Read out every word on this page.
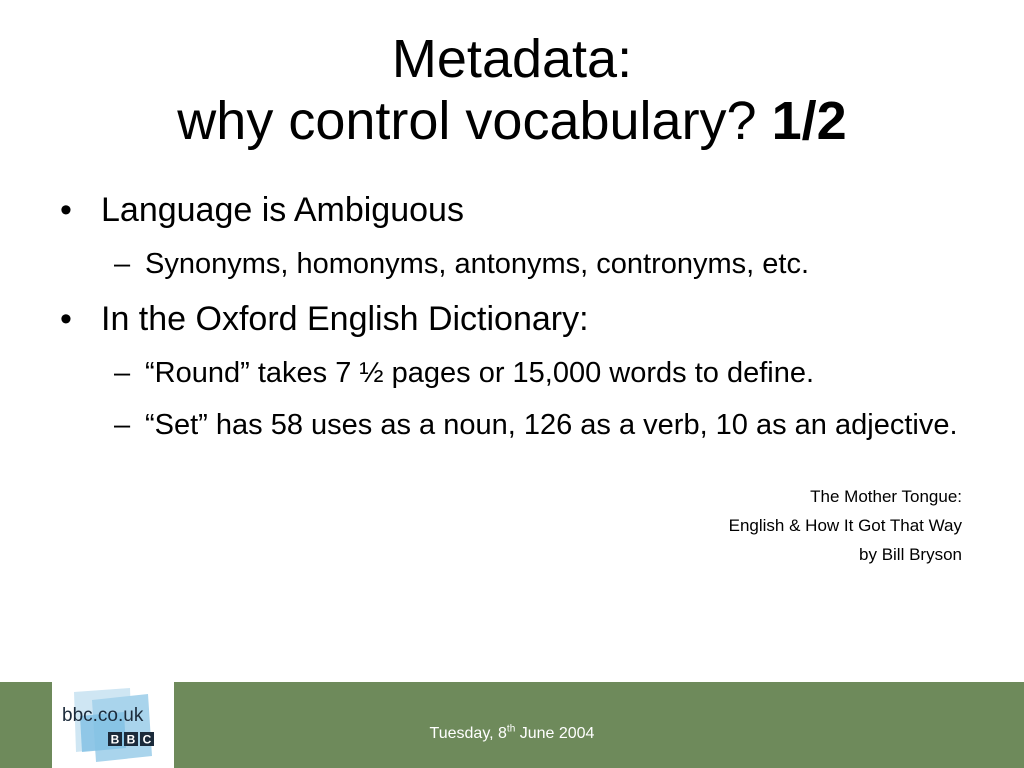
Metadata:
why control vocabulary? 1/2
• Language is Ambiguous
– Synonyms, homonyms, antonyms, contronyms, etc.
• In the Oxford English Dictionary:
– “Round” takes 7 ½ pages or 15,000 words to define.
– “Set” has 58 uses as a noun, 126 as a verb, 10 as an adjective.
The Mother Tongue:
English & How It Got That Way
by Bill Bryson
bbc.co.uk
B B C	Tuesday, 8th June 2004
